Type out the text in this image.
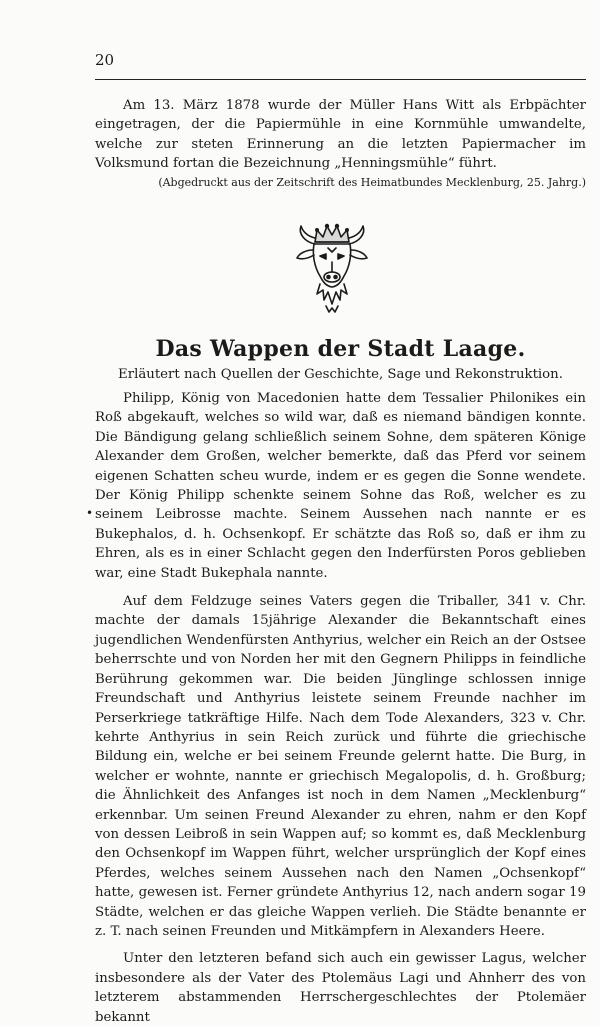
20

Am 13. März 1878 wurde der Müller Hans Witt als Erbpächter eingetragen, der die Papiermühle in eine Kornmühle umwandelte, welche zur steten Erinnerung an die letzten Papiermacher im Volksmund fortan die Bezeichnung „Henningsmühle“ führt.

(Abgedruckt aus der Zeitschrift des Heimatbundes Mecklenburg, 25. Jahrg.)
Das Wappen der Stadt Laage.
Erläutert nach Quellen der Geschichte, Sage und Rekonstruktion.
•

Philipp, König von Macedonien hatte dem Tessalier Philonikes ein Roß abgekauft, welches so wild war, daß es niemand bändigen konnte. Die Bändigung gelang schließlich seinem Sohne, dem späteren Könige Alexander dem Großen, welcher bemerkte, daß das Pferd vor seinem eigenen Schatten scheu wurde, indem er es gegen die Sonne wendete. Der König Philipp schenkte seinem Sohne das Roß, welcher es zu seinem Leibrosse machte. Seinem Aussehen nach nannte er es Bukephalos, d. h. Ochsenkopf. Er schätzte das Roß so, daß er ihm zu Ehren, als es in einer Schlacht gegen den Inderfürsten Poros geblieben war, eine Stadt Bukephala nannte.

Auf dem Feldzuge seines Vaters gegen die Triballer, 341 v. Chr. machte der damals 15jährige Alexander die Bekanntschaft eines jugendlichen Wendenfürsten Anthyrius, welcher ein Reich an der Ostsee beherrschte und von Norden her mit den Gegnern Philipps in feindliche Berührung gekommen war. Die beiden Jünglinge schlossen innige Freundschaft und Anthyrius leistete seinem Freunde nachher im Perserkriege tatkräftige Hilfe. Nach dem Tode Alexanders, 323 v. Chr. kehrte Anthyrius in sein Reich zurück und führte die griechische Bildung ein, welche er bei seinem Freunde gelernt hatte. Die Burg, in welcher er wohnte, nannte er griechisch Megalopolis, d. h. Großburg; die Ähnlichkeit des Anfanges ist noch in dem Namen „Mecklenburg“ erkennbar. Um seinen Freund Alexander zu ehren, nahm er den Kopf von dessen Leibroß in sein Wappen auf; so kommt es, daß Mecklenburg den Ochsenkopf im Wappen führt, welcher ursprünglich der Kopf eines Pferdes, welches seinem Aussehen nach den Namen „Ochsenkopf“ hatte, gewesen ist. Ferner gründete Anthyrius 12, nach andern sogar 19 Städte, welchen er das gleiche Wappen verlieh. Die Städte benannte er z. T. nach seinen Freunden und Mitkämpfern in Alexanders Heere.

Unter den letzteren befand sich auch ein gewisser Lagus, welcher insbesondere als der Vater des Ptolemäus Lagi und Ahnherr des von letzterem abstammenden Herrschergeschlechtes der Ptolemäer bekannt
